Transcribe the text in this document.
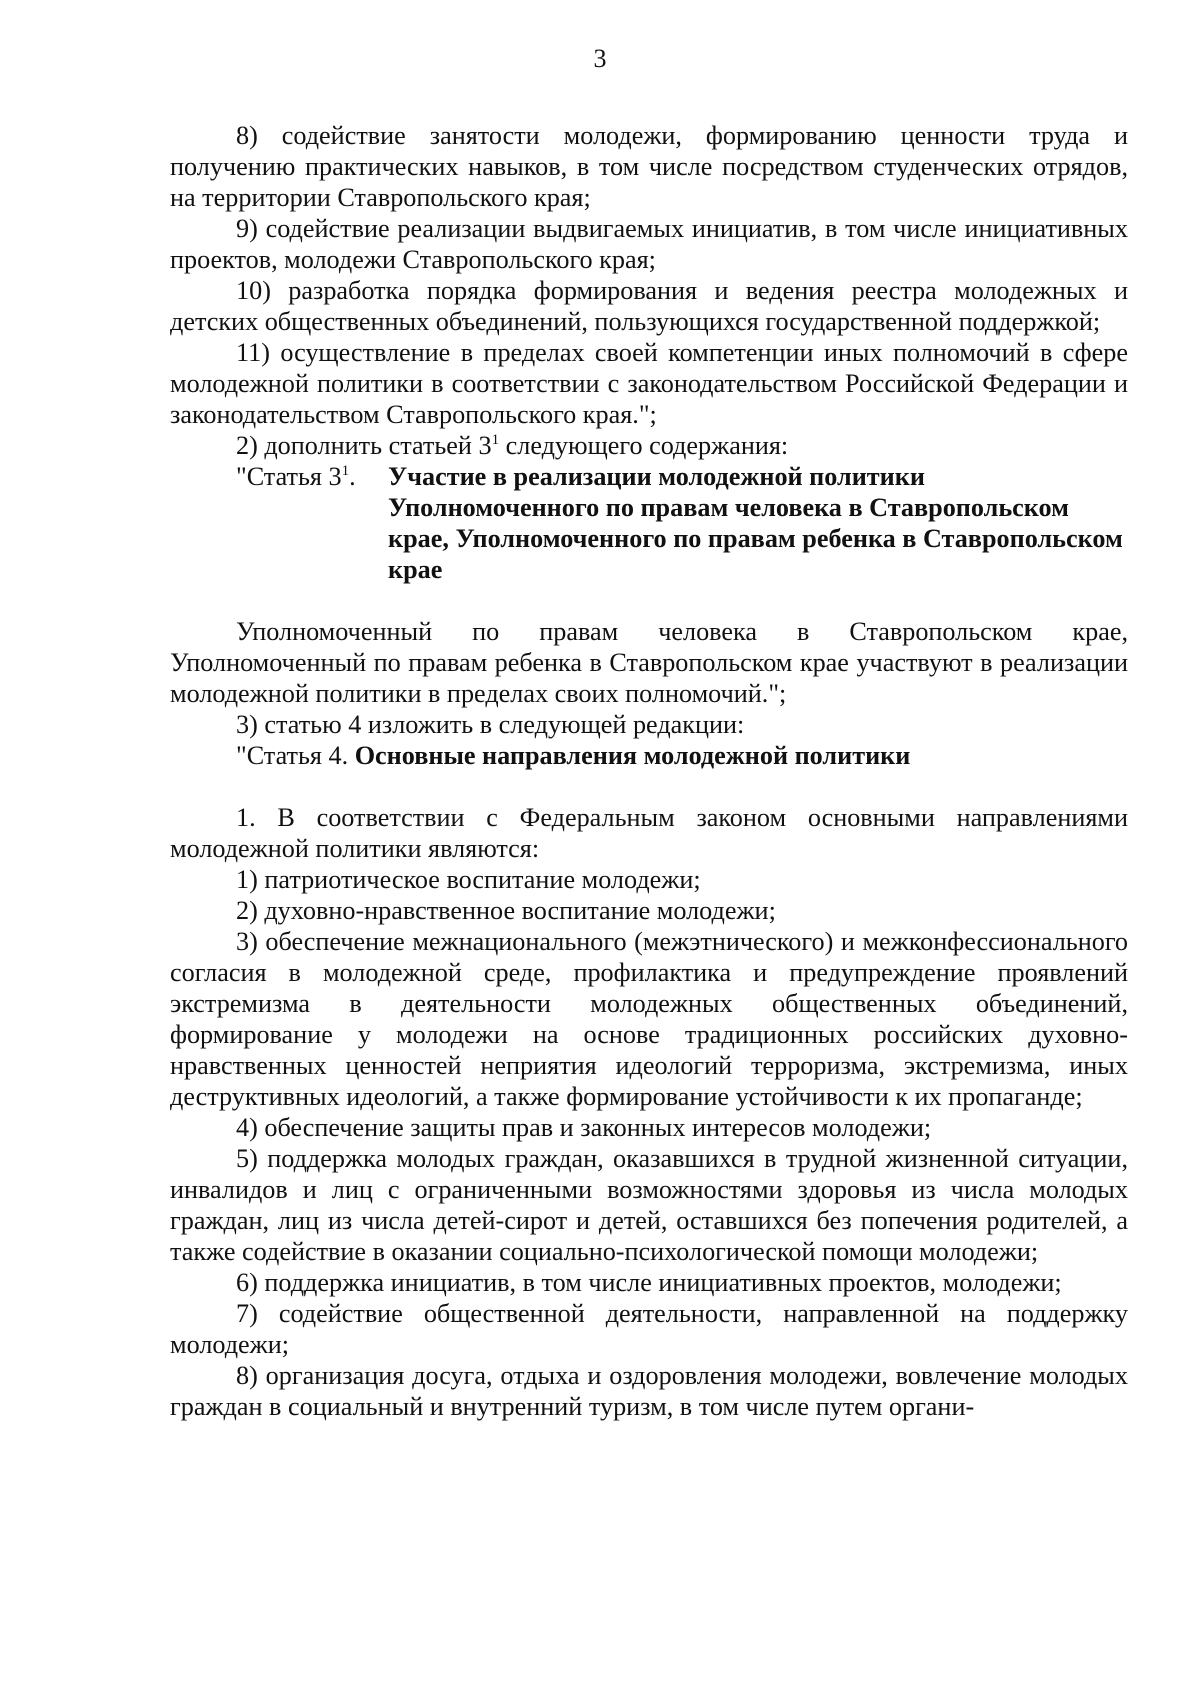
3

8) содействие занятости молодежи, формированию ценности труда и получению практических навыков, в том числе посредством студенческих отрядов, на территории Ставропольского края;

9) содействие реализации выдвигаемых инициатив, в том числе инициативных проектов, молодежи Ставропольского края;

10) разработка порядка формирования и ведения реестра молодежных и детских общественных объединений, пользующихся государственной поддержкой;

11) осуществление в пределах своей компетенции иных полномочий в сфере молодежной политики в соответствии с законодательством Российской Федерации и законодательством Ставропольского края.";

2) дополнить статьей $3^1$ следующего содержания:

"Статья $3^1$. Участие в реализации молодежной политики Уполномоченного по правам человека в Ставропольском крае, Уполномоченного по правам ребенка в Ставропольском крае

Уполномоченный по правам человека в Ставропольском крае, Уполномоченный по правам ребенка в Ставропольском крае участвуют в реализации молодежной политики в пределах своих полномочий.";

3) статью 4 изложить в следующей редакции:

"Статья 4. Основные направления молодежной политики

1. В соответствии с Федеральным законом основными направлениями молодежной политики являются:

1) патриотическое воспитание молодежи;

2) духовно-нравственное воспитание молодежи;

3) обеспечение межнационального (межэтнического) и межконфессионального согласия в молодежной среде, профилактика и предупреждение проявлений экстремизма в деятельности молодежных общественных объединений, формирование у молодежи на основе традиционных российских духовно-нравственных ценностей неприятия идеологий терроризма, экстремизма, иных деструктивных идеологий, а также формирование устойчивости к их пропаганде;

4) обеспечение защиты прав и законных интересов молодежи;

5) поддержка молодых граждан, оказавшихся в трудной жизненной ситуации, инвалидов и лиц с ограниченными возможностями здоровья из числа молодых граждан, лиц из числа детей-сирот и детей, оставшихся без попечения родителей, а также содействие в оказании социально-психологической помощи молодежи;

6) поддержка инициатив, в том числе инициативных проектов, молодежи;

7) содействие общественной деятельности, направленной на поддержку молодежи;

8) организация досуга, отдыха и оздоровления молодежи, вовлечение молодых граждан в социальный и внутренний туризм, в том числе путем органи-
